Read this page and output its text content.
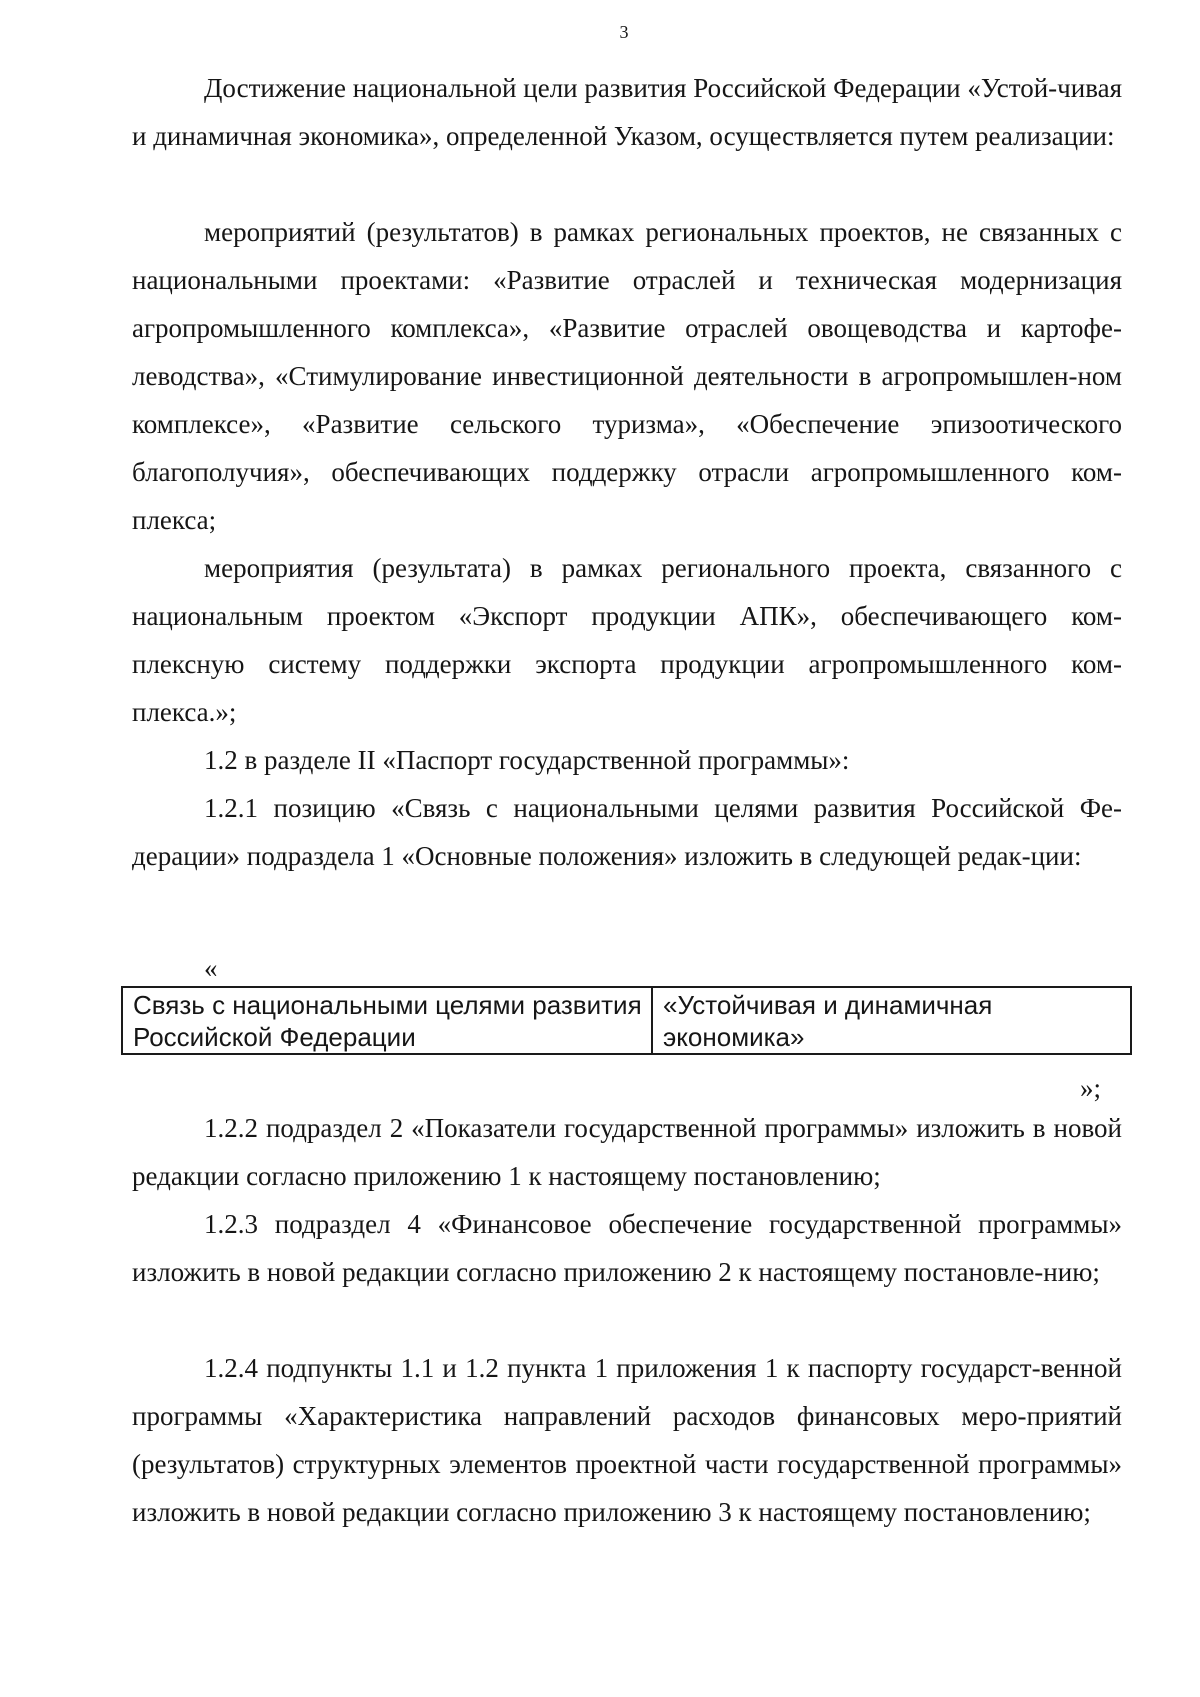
3

Достижение национальной цели развития Российской Федерации «Устой-чивая и динамичная экономика», определенной Указом, осуществляется путем реализации:

мероприятий (результатов) в рамках региональных проектов, не связанных с национальными проектами: «Развитие отраслей и техническая модернизация агропромышленного комплекса», «Развитие отраслей овощеводства и картофе-леводства», «Стимулирование инвестиционной деятельности в агропромышлен-ном комплексе», «Развитие сельского туризма», «Обеспечение эпизоотического благополучия», обеспечивающих поддержку отрасли агропромышленного ком-плекса;

мероприятия (результата) в рамках регионального проекта, связанного с национальным проектом «Экспорт продукции АПК», обеспечивающего ком-плексную систему поддержки экспорта продукции агропромышленного ком-плекса.»;

1.2 в разделе II «Паспорт государственной программы»:

1.2.1 позицию «Связь с национальными целями развития Российской Фе-дерации» подраздела 1 «Основные положения» изложить в следующей редак-ции:

«
Связь с национальными целями развития Российской Федерации	«Устойчивая и динамичная экономика»
»;

1.2.2 подраздел 2 «Показатели государственной программы» изложить в новой редакции согласно приложению 1 к настоящему постановлению;

1.2.3 подраздел 4 «Финансовое обеспечение государственной программы» изложить в новой редакции согласно приложению 2 к настоящему постановле-нию;

1.2.4 подпункты 1.1 и 1.2 пункта 1 приложения 1 к паспорту государст-венной программы «Характеристика направлений расходов финансовых меро-приятий (результатов) структурных элементов проектной части государственной программы» изложить в новой редакции согласно приложению 3 к настоящему постановлению;
